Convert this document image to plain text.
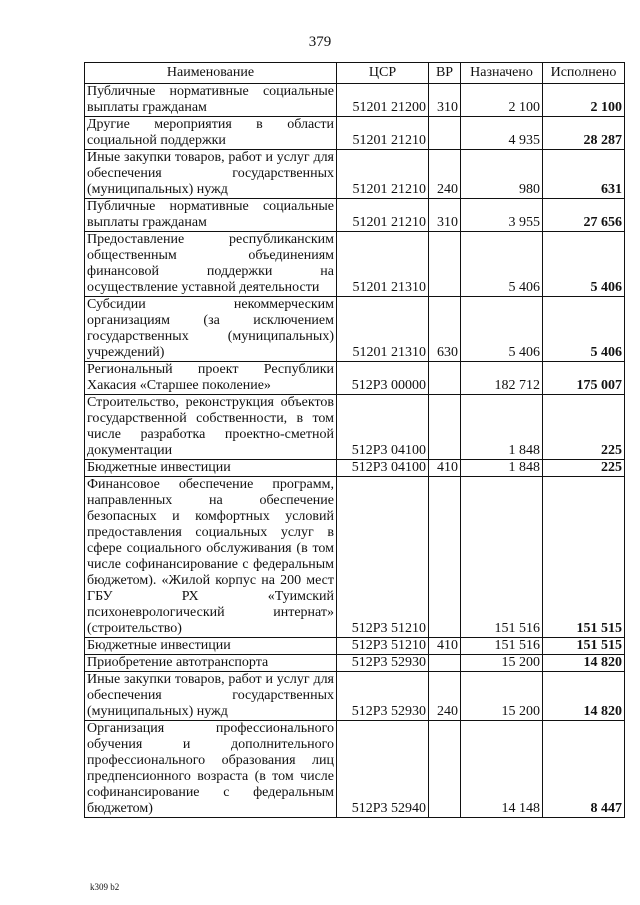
379
Наименование	ЦСР	ВР	Назначено	Исполнено
Публичные нормативные социальные выплаты гражданам	51201 21200	310	2 100	2 100
Другие мероприятия в области социальной поддержки	51201 21210		4 935	28 287
Иные закупки товаров, работ и услуг для обеспечения государственных (муниципальных) нужд	51201 21210	240	980	631
Публичные нормативные социальные выплаты гражданам	51201 21210	310	3 955	27 656
Предоставление республиканским общественным объединениям финансовой поддержки на осуществление уставной деятельности	51201 21310		5 406	5 406
Субсидии некоммерческим организациям (за исключением государственных (муниципальных) учреждений)	51201 21310	630	5 406	5 406
Региональный проект Республики Хакасия «Старшее поколение»	512Р3 00000		182 712	175 007
Строительство, реконструкция объектов государственной собственности, в том числе разработка проектно-сметной документации	512Р3 04100		1 848	225
Бюджетные инвестиции	512Р3 04100	410	1 848	225
Финансовое обеспечение программ, направленных на обеспечение безопасных и комфортных условий предоставления социальных услуг в сфере социального обслуживания (в том числе софинансирование с федеральным бюджетом). «Жилой корпус на 200 мест ГБУ РХ «Туимский психоневрологический интернат» (строительство)	512Р3 51210		151 516	151 515
Бюджетные инвестиции	512Р3 51210	410	151 516	151 515
Приобретение автотранспорта	512Р3 52930		15 200	14 820
Иные закупки товаров, работ и услуг для обеспечения государственных (муниципальных) нужд	512Р3 52930	240	15 200	14 820
Организация профессионального обучения и дополнительного профессионального образования лиц предпенсионного возраста (в том числе софинансирование с федеральным бюджетом)	512Р3 52940		14 148	8 447
k309 b2
